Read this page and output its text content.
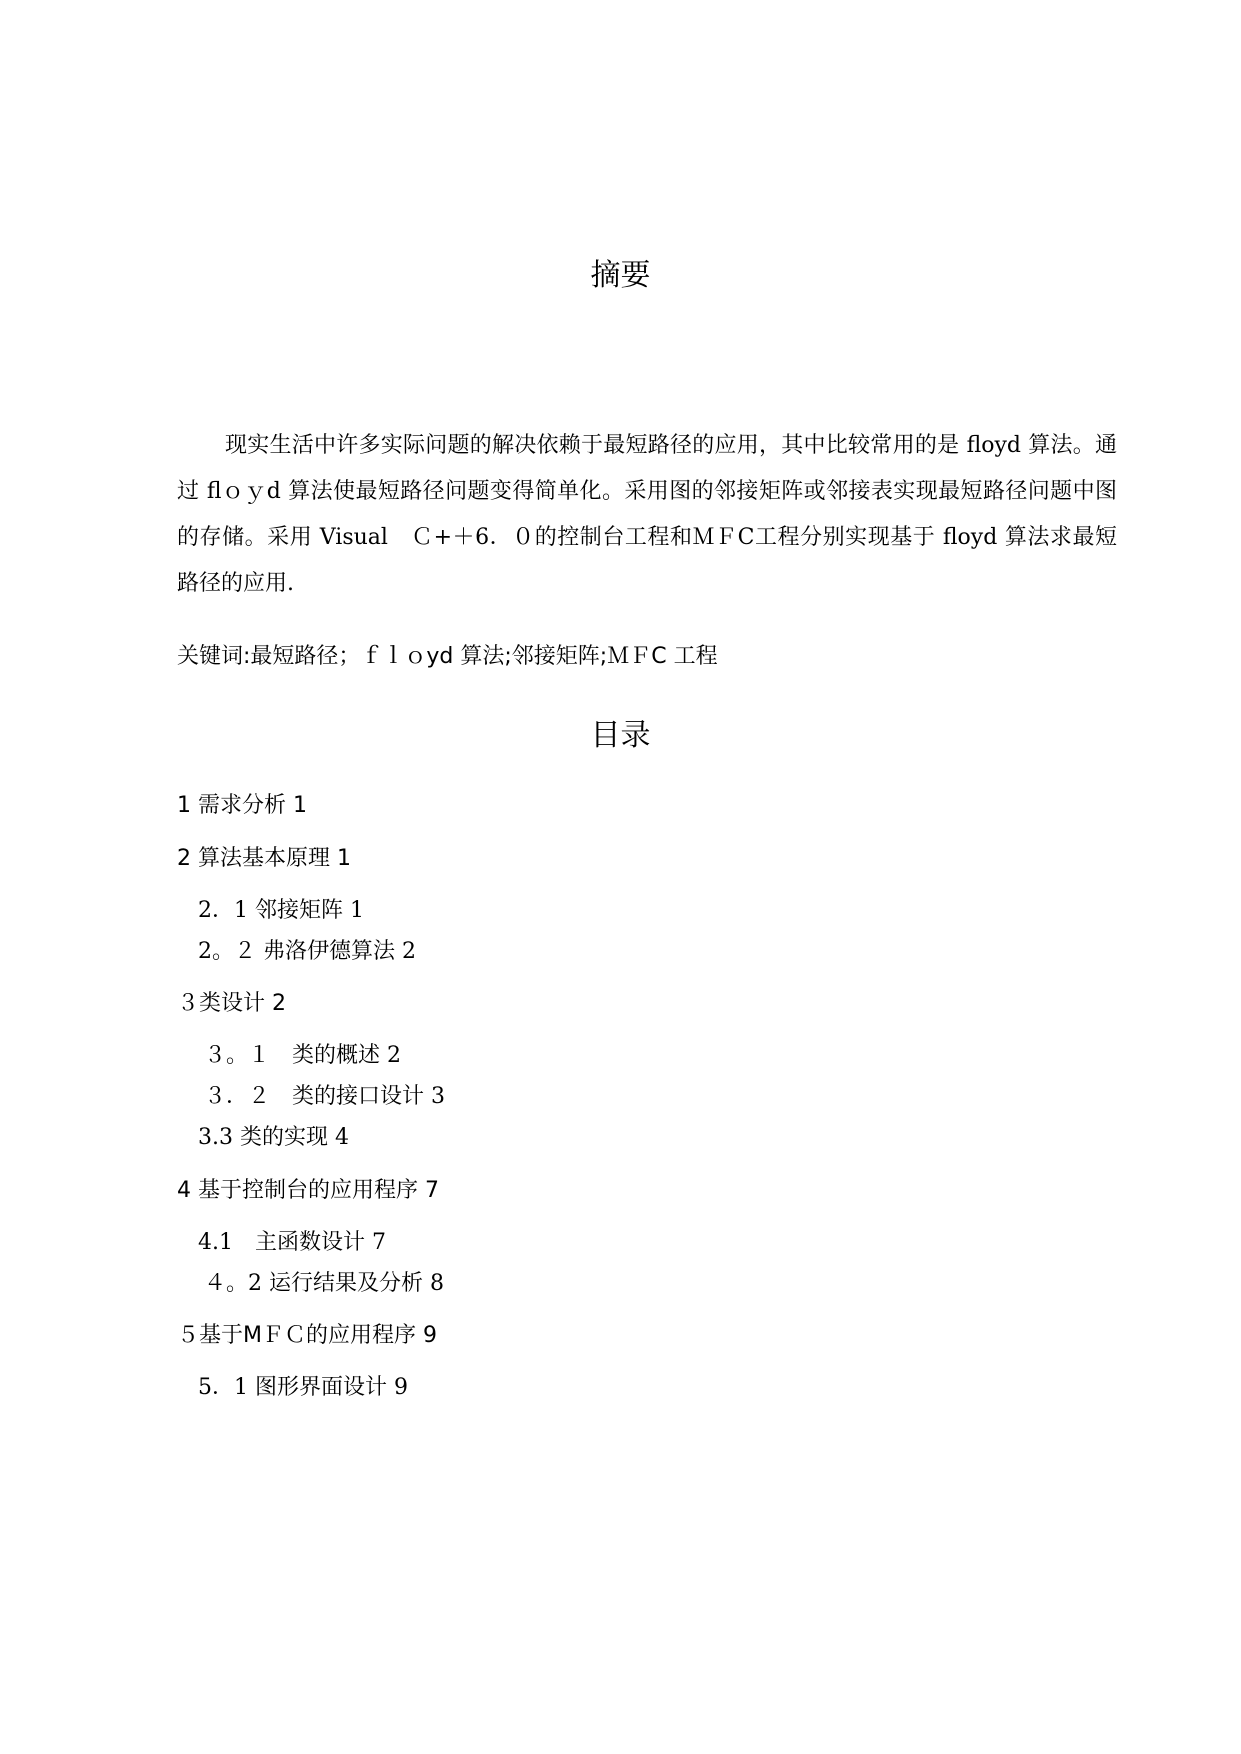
摘要

现实生活中许多实际问题的解决依赖于最短路径的应用，其中比较常用的是 floyd 算法。通过 flｏｙd 算法使最短路径问题变得简单化。采用图的邻接矩阵或邻接表实现最短路径问题中图的存储。采用 Visual　Ｃ+＋6．０的控制台工程和ＭＦC工程分别实现基于 floyd 算法求最短路径的应用.

关键词:最短路径；ｆｌｏyd 算法;邻接矩阵;ＭＦC 工程
目录
1 需求分析 1
2 算法基本原理 1
2．1 邻接矩阵 1
2。２ 弗洛伊德算法 2
３类设计 2
３。１　类的概述 2
３．２　类的接口设计 3
3.3 类的实现 4
4 基于控制台的应用程序 7
4.1　主函数设计 7
４。2 运行结果及分析 8
５基于MＦＣ的应用程序 9
5．1 图形界面设计 9
